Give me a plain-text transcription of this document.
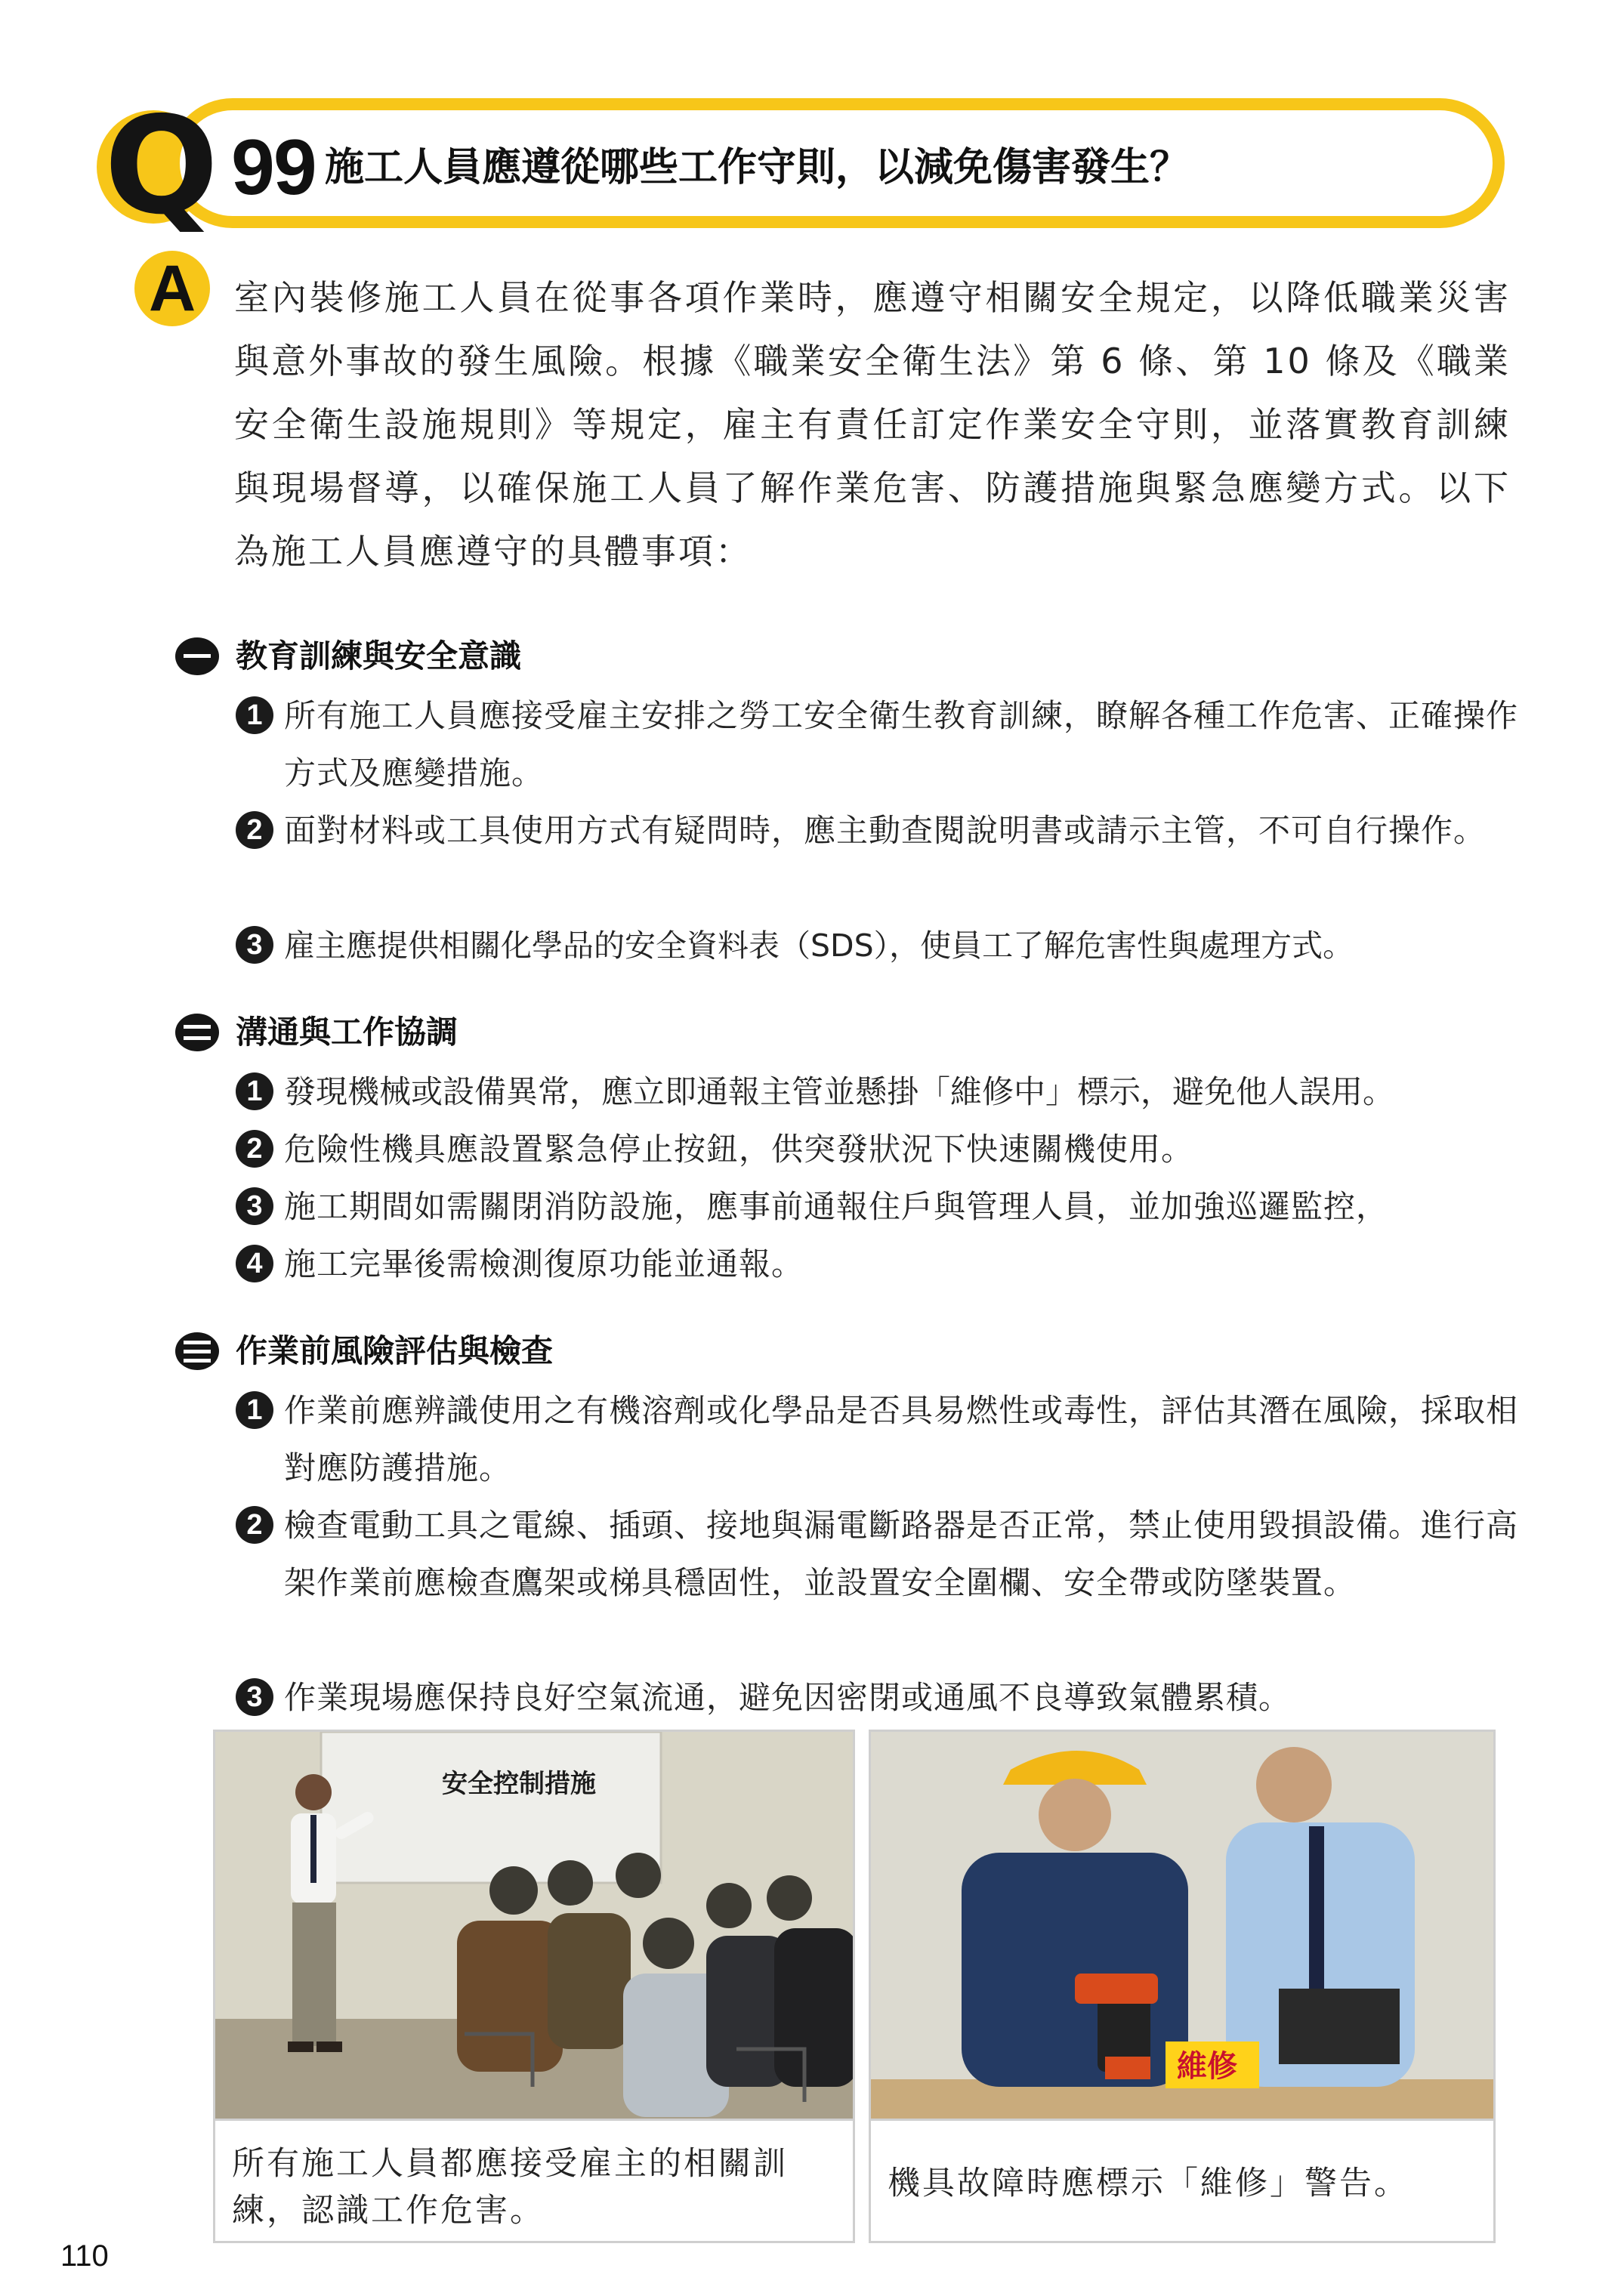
Q 99 施工人員應遵從哪些工作守則，以減免傷害發生？
A	室內裝修施工人員在從事各項作業時，應遵守相關安全規定，以降低職業災害與意外事故的發生風險。根據《職業安全衛生法》第 6 條、第 10 條及《職業安全衛生設施規則》等規定，雇主有責任訂定作業安全守則，並落實教育訓練與現場督導，以確保施工人員了解作業危害、防護措施與緊急應變方式。以下為施工人員應遵守的具體事項：
教育訓練與安全意識
1 所有施工人員應接受雇主安排之勞工安全衛生教育訓練，瞭解各種工作危害、正確操作方式及應變措施。
2 面對材料或工具使用方式有疑問時，應主動查閱說明書或請示主管，不可自行操作。
3 雇主應提供相關化學品的安全資料表（SDS），使員工了解危害性與處理方式。
溝通與工作協調
1 發現機械或設備異常，應立即通報主管並懸掛「維修中」標示，避免他人誤用。
2 危險性機具應設置緊急停止按鈕，供突發狀況下快速關機使用。
3 施工期間如需關閉消防設施，應事前通報住戶與管理人員，並加強巡邏監控，
4 施工完畢後需檢測復原功能並通報。
作業前風險評估與檢查
1 作業前應辨識使用之有機溶劑或化學品是否具易燃性或毒性，評估其潛在風險，採取相對應防護措施。
2 檢查電動工具之電線、插頭、接地與漏電斷路器是否正常，禁止使用毀損設備。進行高架作業前應檢查鷹架或梯具穩固性，並設置安全圍欄、安全帶或防墜裝置。
3 作業現場應保持良好空氣流通，避免因密閉或通風不良導致氣體累積。
安全控制措施
所有施工人員都應接受雇主的相關訓練，認識工作危害。
維修
機具故障時應標示「維修」警告。
110
